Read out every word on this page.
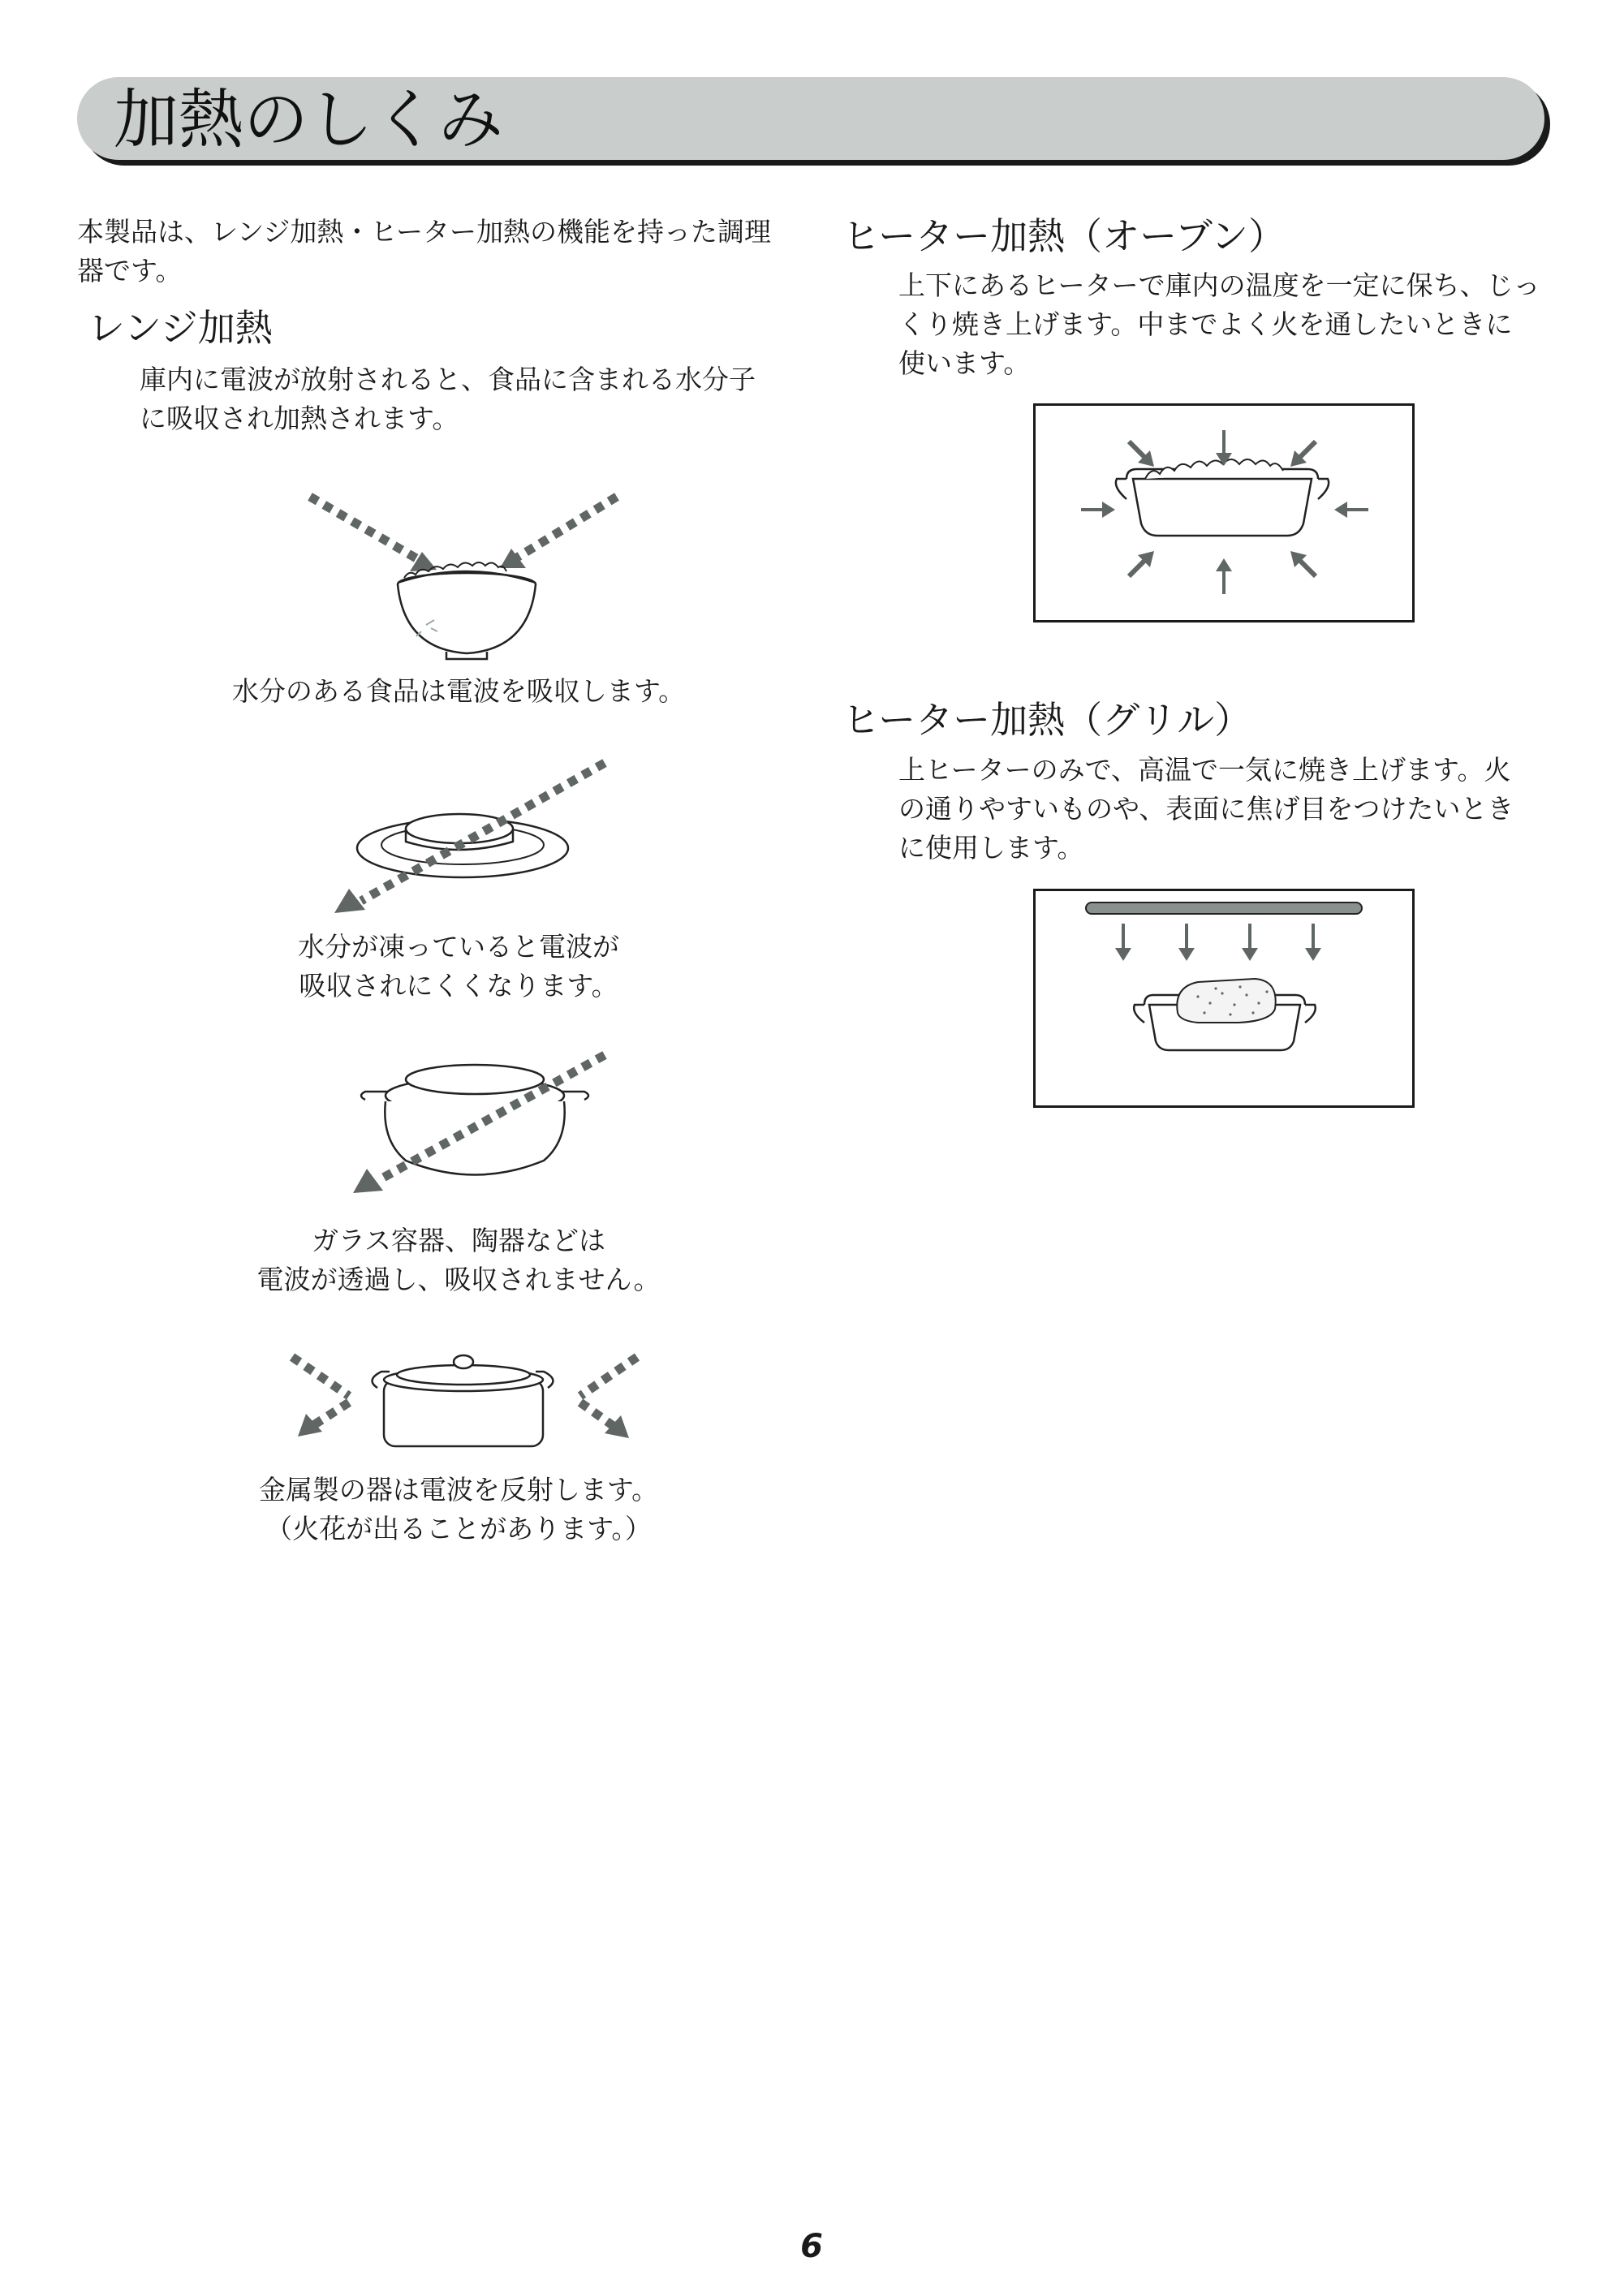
加熱のしくみ
本製品は、レンジ加熱・ヒーター加熱の機能を持った調理
器です。
レンジ加熱
庫内に電波が放射されると、食品に含まれる水分子
に吸収され加熱されます。
水分のある食品は電波を吸収します。
水分が凍っていると電波が
吸収されにくくなります。
ガラス容器、陶器などは
電波が透過し、吸収されません。
金属製の器は電波を反射します。
（火花が出ることがあります。）
ヒーター加熱（オーブン）
上下にあるヒーターで庫内の温度を一定に保ち、じっ
くり焼き上げます。中までよく火を通したいときに
使います。
ヒーター加熱（グリル）
上ヒーターのみで、高温で一気に焼き上げます。火
の通りやすいものや、表面に焦げ目をつけたいとき
に使用します。
6
